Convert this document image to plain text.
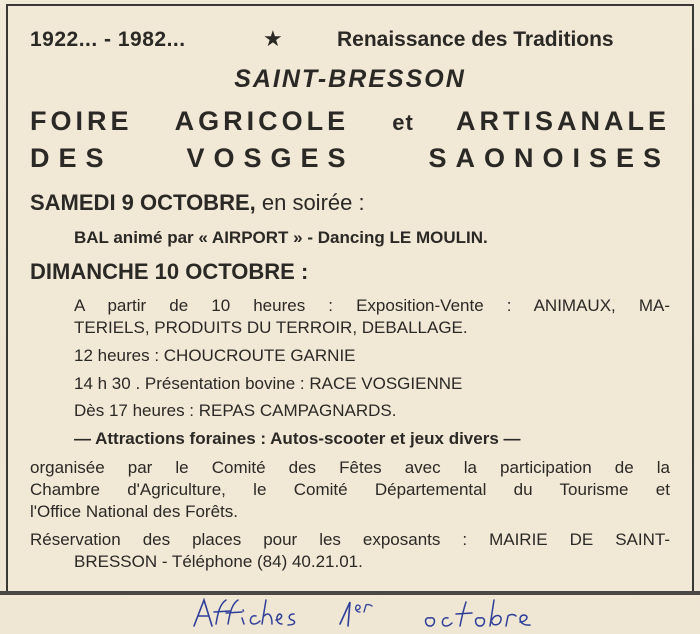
1922... - 1982...	★	Renaissance des Traditions
SAINT-BRESSON
FOIRE AGRICOLE et ARTISANALE
DES VOSGES SAONOISES
SAMEDI 9 OCTOBRE, en soirée :
BAL animé par « AIRPORT » - Dancing LE MOULIN.
DIMANCHE 10 OCTOBRE :
A partir de 10 heures : Exposition-Vente : ANIMAUX, MA-
TERIELS, PRODUITS DU TERROIR, DEBALLAGE.
12 heures : CHOUCROUTE GARNIE
14 h 30 . Présentation bovine : RACE VOSGIENNE
Dès 17 heures : REPAS CAMPAGNARDS.
— Attractions foraines : Autos-scooter et jeux divers —
organisée par le Comité des Fêtes avec la participation de la
Chambre d'Agriculture, le Comité Départemental du Tourisme et
l'Office National des Forêts.
Réservation des places pour les exposants : MAIRIE DE SAINT-
BRESSON - Téléphone (84) 40.21.01.
